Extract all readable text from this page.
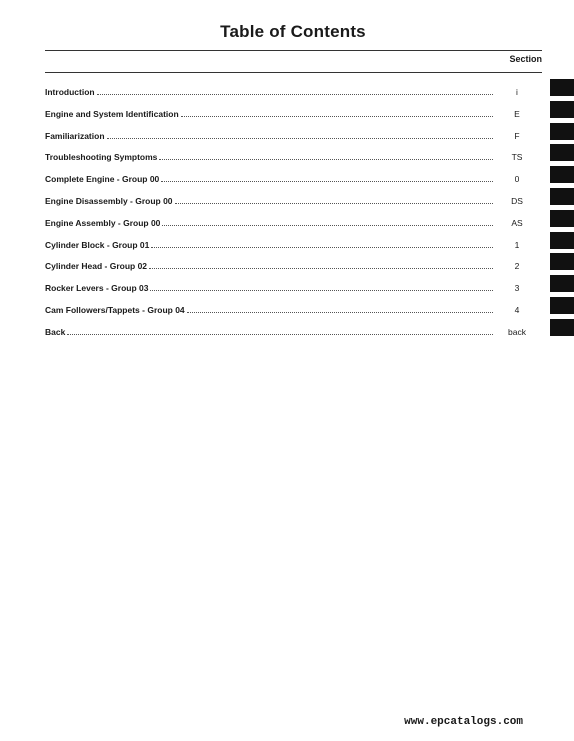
Table of Contents
Section
Introduction	i
Engine and System Identification	E
Familiarization	F
Troubleshooting Symptoms	TS
Complete Engine - Group 00	0
Engine Disassembly - Group 00	DS
Engine Assembly - Group 00	AS
Cylinder Block - Group 01	1
Cylinder Head - Group 02	2
Rocker Levers - Group 03	3
Cam Followers/Tappets - Group 04	4
Back	back
www.epcatalogs.com
